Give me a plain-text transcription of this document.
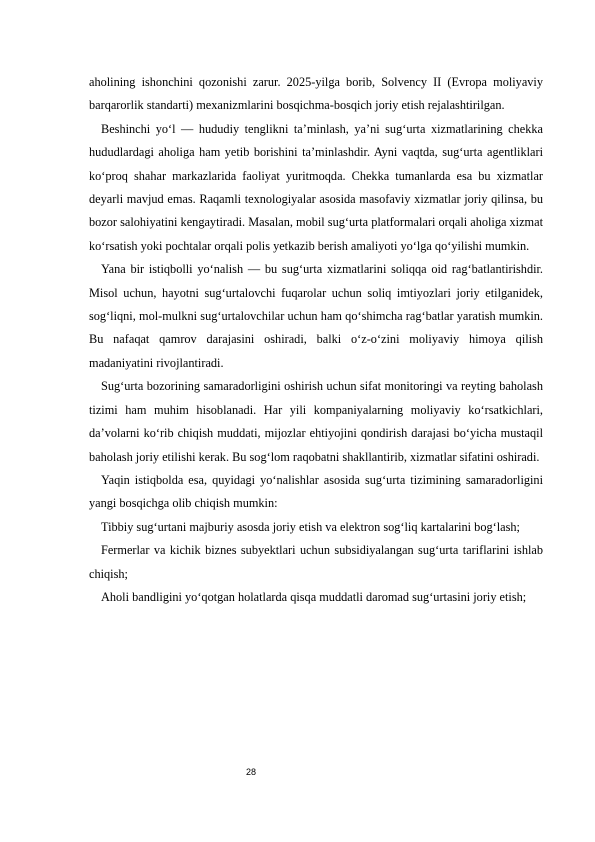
aholining ishonchini qozonishi zarur. 2025-yilga borib, Solvency II (Evropa moliyaviy barqarorlik standarti) mexanizmlarini bosqichma-bosqich joriy etish rejalashtirilgan.

Beshinchi yo‘l — hududiy tenglikni ta’minlash, ya’ni sug‘urta xizmatlarining chekka hududlardagi aholiga ham yetib borishini ta’minlashdir. Ayni vaqtda, sug‘urta agentliklari ko‘proq shahar markazlarida faoliyat yuritmoqda. Chekka tumanlarda esa bu xizmatlar deyarli mavjud emas. Raqamli texnologiyalar asosida masofaviy xizmatlar joriy qilinsa, bu bozor salohiyatini kengaytiradi. Masalan, mobil sug‘urta platformalari orqali aholiga xizmat ko‘rsatish yoki pochtalar orqali polis yetkazib berish amaliyoti yo‘lga qo‘yilishi mumkin.

Yana bir istiqbolli yo‘nalish — bu sug‘urta xizmatlarini soliqqa oid rag‘batlantirishdir. Misol uchun, hayotni sug‘urtalovchi fuqarolar uchun soliq imtiyozlari joriy etilganidek, sog‘liqni, mol-mulkni sug‘urtalovchilar uchun ham qo‘shimcha rag‘batlar yaratish mumkin. Bu nafaqat qamrov darajasini oshiradi, balki o‘z-o‘zini moliyaviy himoya qilish madaniyatini rivojlantiradi.

Sug‘urta bozorining samaradorligini oshirish uchun sifat monitoringi va reyting baholash tizimi ham muhim hisoblanadi. Har yili kompaniyalarning moliyaviy ko‘rsatkichlari, da’volarni ko‘rib chiqish muddati, mijozlar ehtiyojini qondirish darajasi bo‘yicha mustaqil baholash joriy etilishi kerak. Bu sog‘lom raqobatni shakllantirib, xizmatlar sifatini oshiradi.

Yaqin istiqbolda esa, quyidagi yo‘nalishlar asosida sug‘urta tizimining samaradorligini yangi bosqichga olib chiqish mumkin:

Tibbiy sug‘urtani majburiy asosda joriy etish va elektron sog‘liq kartalarini bog‘lash;

Fermerlar va kichik biznes subyektlari uchun subsidiyalangan sug‘urta tariflarini ishlab chiqish;

Aholi bandligini yo‘qotgan holatlarda qisqa muddatli daromad sug‘urtasini joriy etish;

28
